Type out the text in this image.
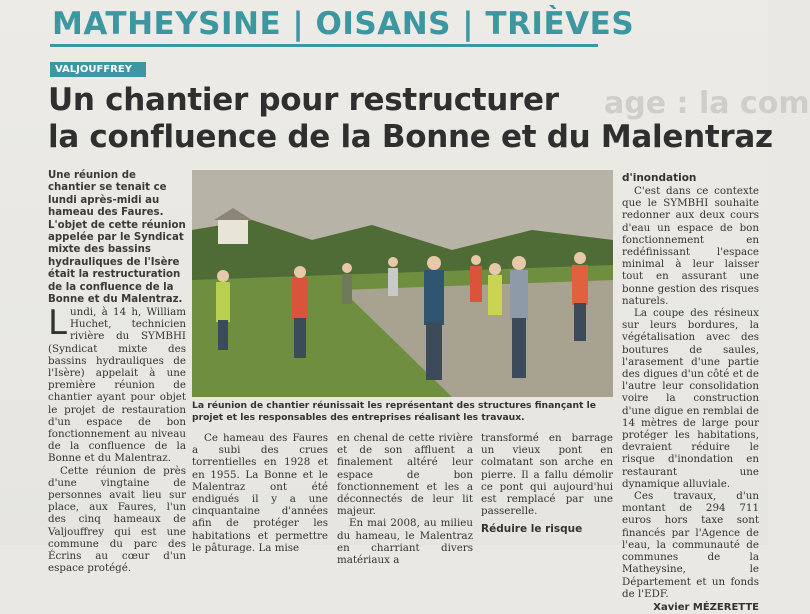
MATHEYSINE | OISANS | TRIÈVES
age : la com
VALJOUFFREY
Un chantier pour restructurer
la confluence de la Bonne et du Malentraz
Une réunion de chantier se tenait ce lundi après-midi au hameau des Faures. L'objet de cette réunion appelée par le Syndicat mixte des bassins hydrauliques de l'Isère était la restructuration de la confluence de la Bonne et du Malentraz.

Lundi, à 14 h, William Huchet, technicien rivière du SYMBHI (Syndicat mixte des bassins hydrauliques de l'Isère) appelait à une première réunion de chantier ayant pour objet le projet de restauration d'un espace de bon fonctionnement au niveau de la confluence de la Bonne et du Malentraz.

Cette réunion de près d'une vingtaine de personnes avait lieu sur place, aux Faures, l'un des cinq hameaux de Valjouffrey qui est une commune du parc des Écrins au cœur d'un espace protégé.

La réunion de chantier réunissait les représentant des structures finançant le projet et les responsables des entreprises réalisant les travaux.

Ce hameau des Faures a subi des crues torrentielles en 1928 et en 1955. La Bonne et le Malentraz ont été endigués il y a une cinquantaine d'années afin de protéger les habitations et permettre le pâturage. La mise

en chenal de cette rivière et de son affluent a finalement altéré leur espace de bon fonctionnement et les a déconnectés de leur lit majeur.

En mai 2008, au milieu du hameau, le Malentraz en charriant divers matériaux a

transformé en barrage un vieux pont en colmatant son arche en pierre. Il a fallu démolir ce pont qui aujourd'hui est remplacé par une passerelle.

Réduire le risque

d'inondation

C'est dans ce contexte que le SYMBHI souhaite redonner aux deux cours d'eau un espace de bon fonctionnement en redéfinissant l'espace minimal à leur laisser tout en assurant une bonne gestion des risques naturels.

La coupe des résineux sur leurs bordures, la végétalisation avec des boutures de saules, l'arasement d'une partie des digues d'un côté et de l'autre leur consolidation voire la construction d'une digue en remblai de 14 mètres de large pour protéger les habitations, devraient réduire le risque d'inondation en restaurant une dynamique alluviale.

Ces travaux, d'un montant de 294 711 euros hors taxe sont financés par l'Agence de l'eau, la communauté de communes de la Matheysine, le Département et un fonds de l'EDF.

Xavier MÉZERETTE
